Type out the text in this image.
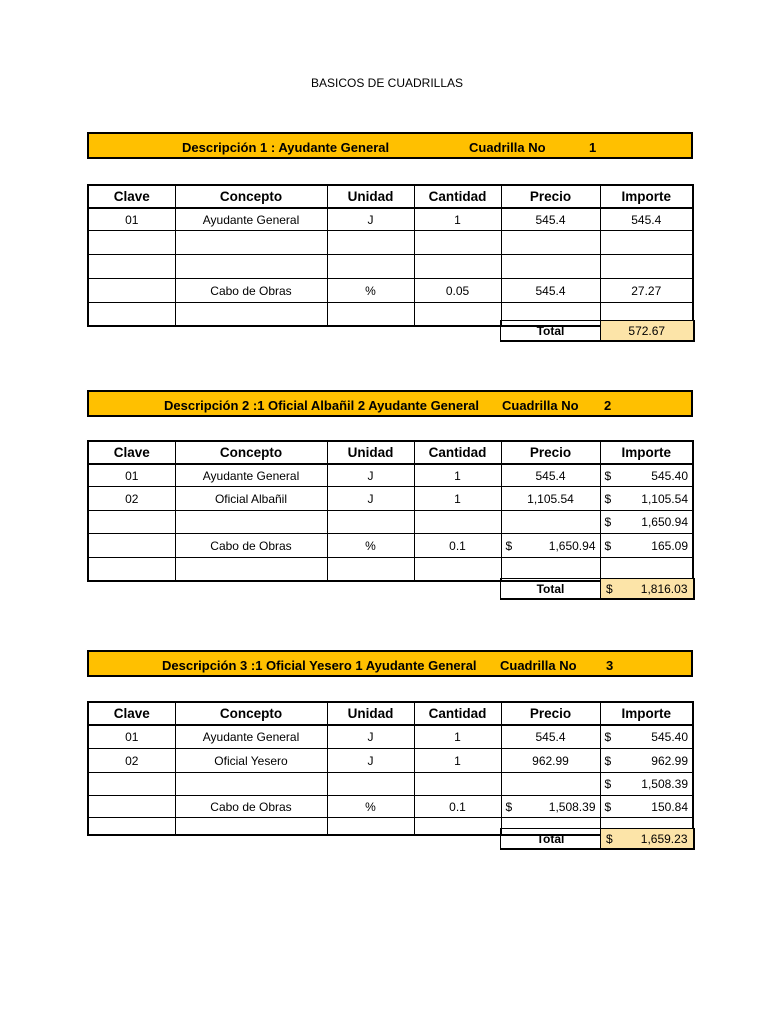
BASICOS DE CUADRILLAS
Descripción 1 : Ayudante General	Cuadrilla No	1
Clave	Concepto	Unidad	Cantidad	Precio	Importe
01	Ayudante General	J	1	545.4	545.4

	Cabo de Obras	%	0.05	545.4	27.27

Total	572.67
Descripción 2 :1 Oficial Albañil 2 Ayudante General Cuadrilla No 2
Clave	Concepto	Unidad	Cantidad	Precio	Importe
01	Ayudante General	J	1	545.4	$ 545.40

02	Oficial Albañil	J	1	1,105.54	$ 1,105.54

					$ 1,650.94

	Cabo de Obras	%	0.1	$ 1,650.94	$ 165.09

Total	$ 1,816.03
Descripción 3 :1 Oficial Yesero 1 Ayudante General Cuadrilla No 3
Clave	Concepto	Unidad	Cantidad	Precio	Importe
01	Ayudante General	J	1	545.4	$ 545.40

02	Oficial Yesero	J	1	962.99	$ 962.99

					$ 1,508.39

	Cabo de Obras	%	0.1	$ 1,508.39	$ 150.84

Total	$ 1,659.23
